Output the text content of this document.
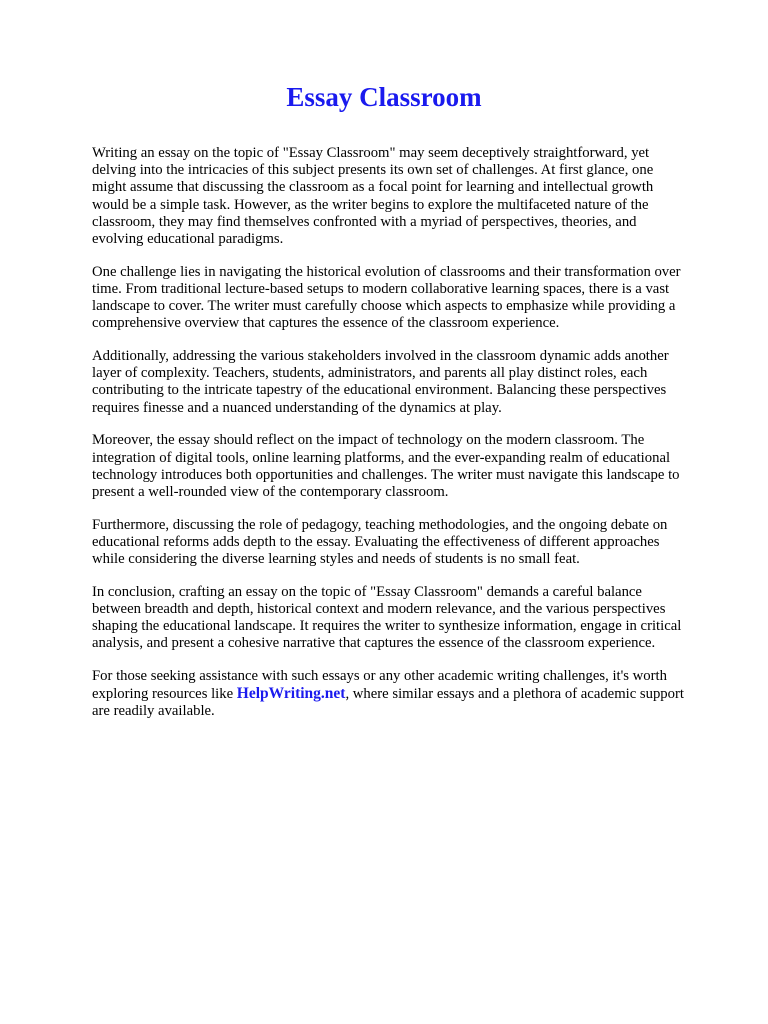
Essay Classroom

Writing an essay on the topic of "Essay Classroom" may seem deceptively straightforward, yet
delving into the intricacies of this subject presents its own set of challenges. At first glance, one
might assume that discussing the classroom as a focal point for learning and intellectual growth
would be a simple task. However, as the writer begins to explore the multifaceted nature of the
classroom, they may find themselves confronted with a myriad of perspectives, theories, and
evolving educational paradigms.

One challenge lies in navigating the historical evolution of classrooms and their transformation over
time. From traditional lecture-based setups to modern collaborative learning spaces, there is a vast
landscape to cover. The writer must carefully choose which aspects to emphasize while providing a
comprehensive overview that captures the essence of the classroom experience.

Additionally, addressing the various stakeholders involved in the classroom dynamic adds another
layer of complexity. Teachers, students, administrators, and parents all play distinct roles, each
contributing to the intricate tapestry of the educational environment. Balancing these perspectives
requires finesse and a nuanced understanding of the dynamics at play.

Moreover, the essay should reflect on the impact of technology on the modern classroom. The
integration of digital tools, online learning platforms, and the ever-expanding realm of educational
technology introduces both opportunities and challenges. The writer must navigate this landscape to
present a well-rounded view of the contemporary classroom.

Furthermore, discussing the role of pedagogy, teaching methodologies, and the ongoing debate on
educational reforms adds depth to the essay. Evaluating the effectiveness of different approaches
while considering the diverse learning styles and needs of students is no small feat.

In conclusion, crafting an essay on the topic of "Essay Classroom" demands a careful balance
between breadth and depth, historical context and modern relevance, and the various perspectives
shaping the educational landscape. It requires the writer to synthesize information, engage in critical
analysis, and present a cohesive narrative that captures the essence of the classroom experience.

For those seeking assistance with such essays or any other academic writing challenges, it's worth
exploring resources like HelpWriting.net, where similar essays and a plethora of academic support
are readily available.
